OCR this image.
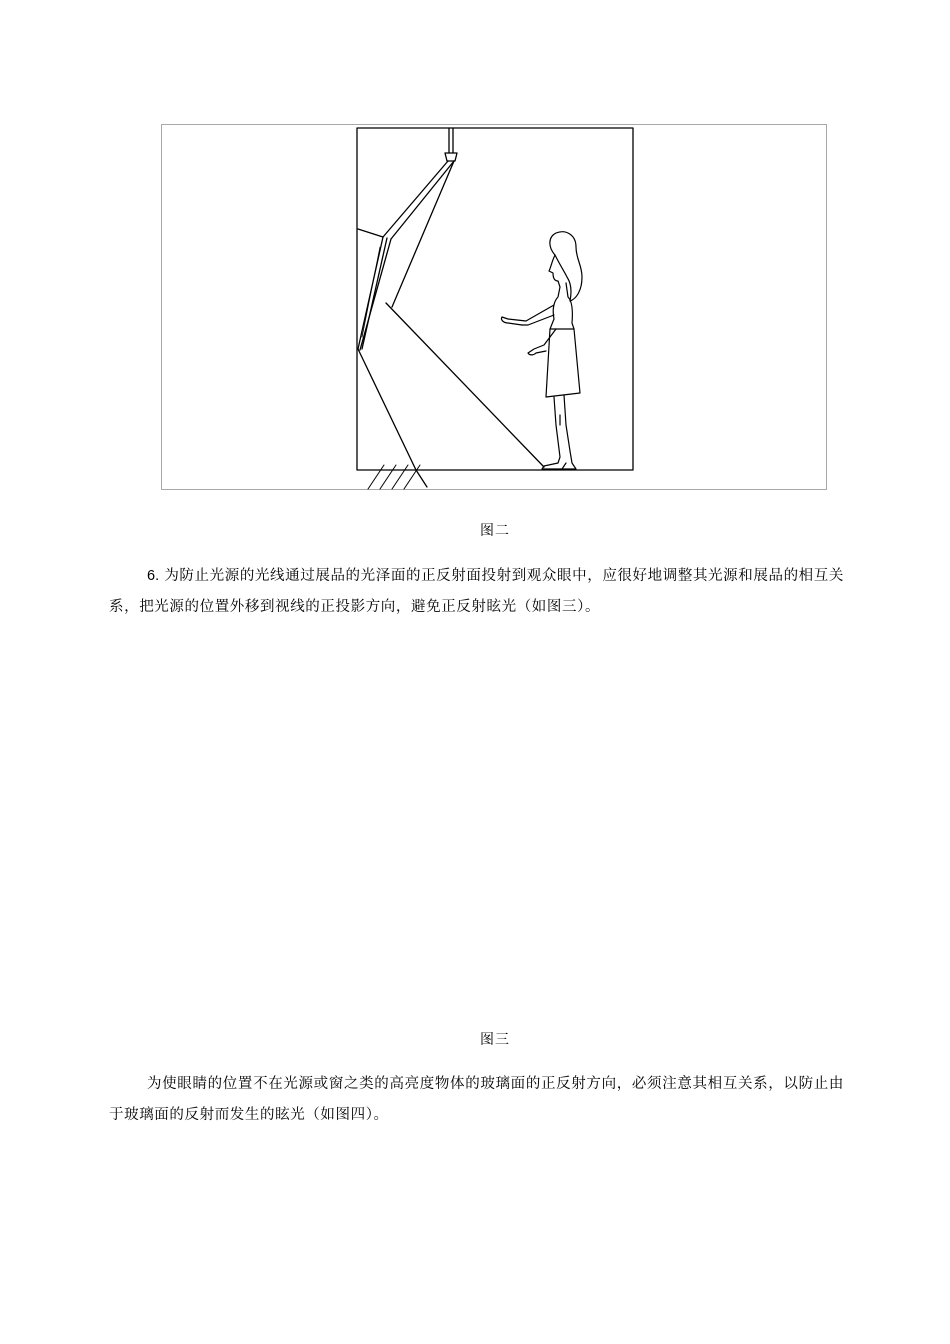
图二
6. 为防止光源的光线通过展品的光泽面的正反射面投射到观众眼中，应很好地调整其光源和展品的相互关系，把光源的位置外移到视线的正投影方向，避免正反射眩光（如图三）。
图三
为使眼睛的位置不在光源或窗之类的高亮度物体的玻璃面的正反射方向，必须注意其相互关系，以防止由于玻璃面的反射而发生的眩光（如图四）。
